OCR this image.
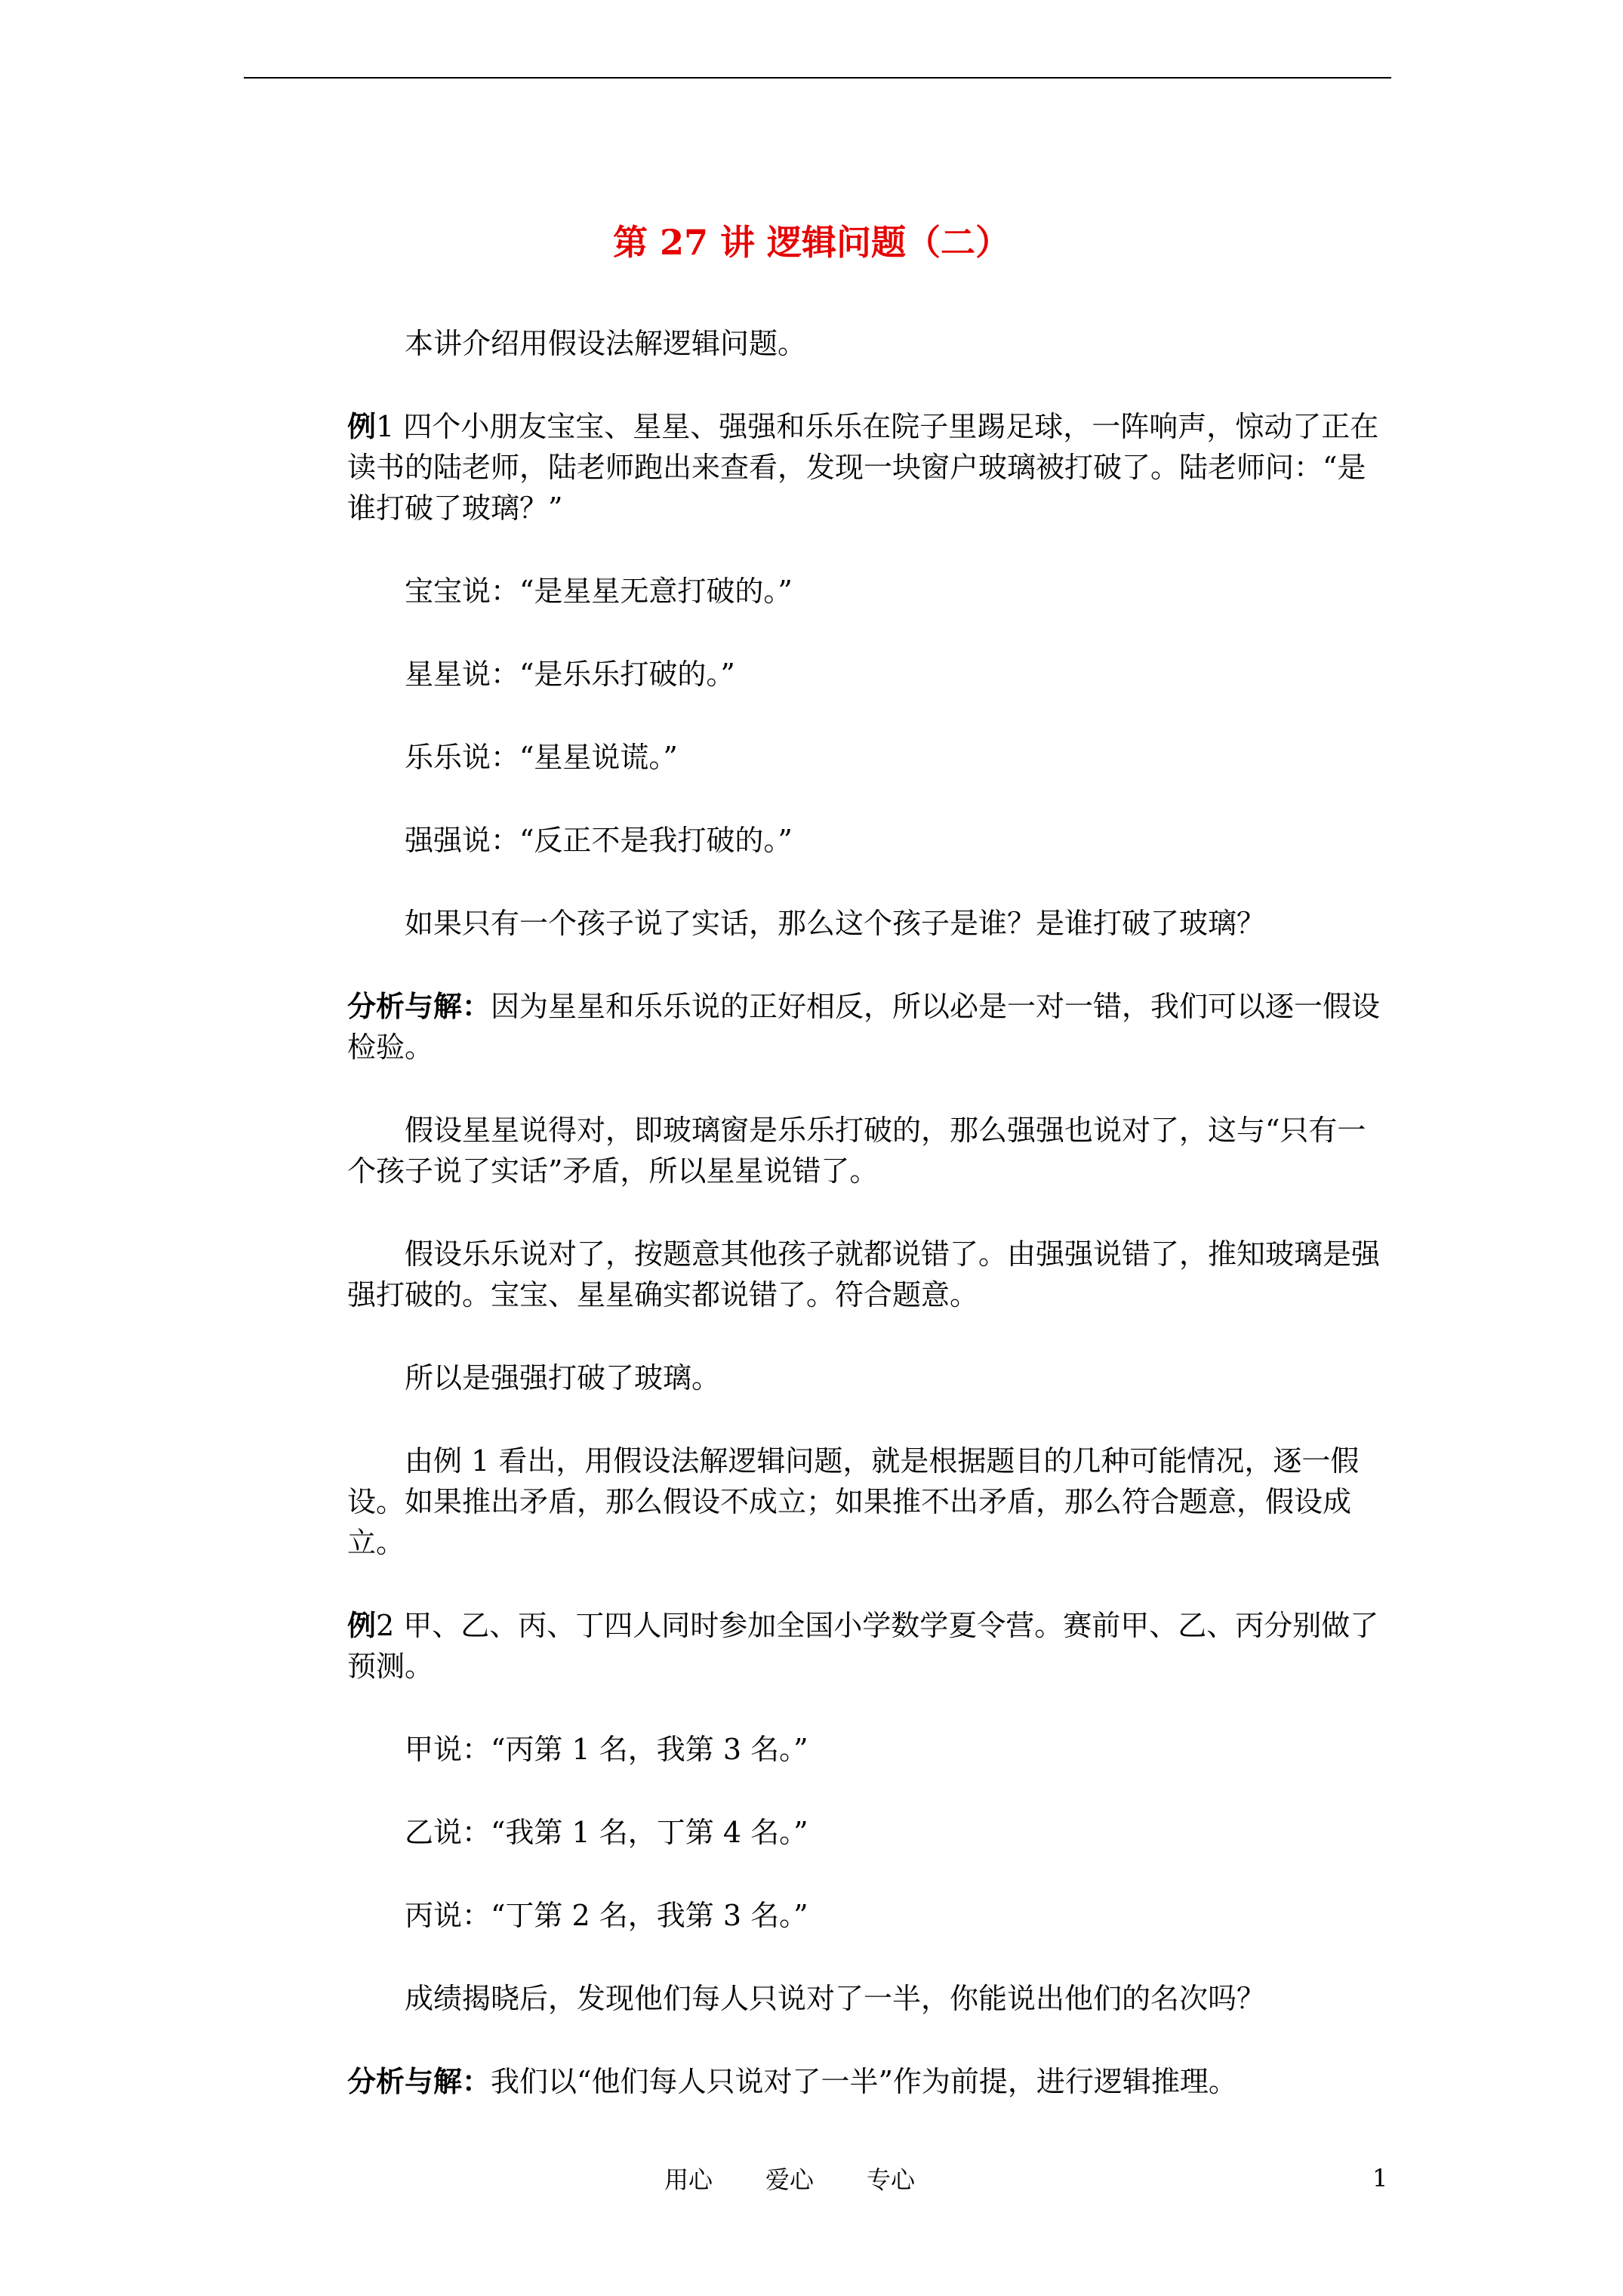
第 27 讲 逻辑问题（二）

本讲介绍用假设法解逻辑问题。

例1 四个小朋友宝宝、星星、强强和乐乐在院子里踢足球，一阵响声，惊动了正在读书的陆老师，陆老师跑出来查看，发现一块窗户玻璃被打破了。陆老师问：“是谁打破了玻璃？”

宝宝说：“是星星无意打破的。”

星星说：“是乐乐打破的。”

乐乐说：“星星说谎。”

强强说：“反正不是我打破的。”

如果只有一个孩子说了实话，那么这个孩子是谁？是谁打破了玻璃？

分析与解：因为星星和乐乐说的正好相反，所以必是一对一错，我们可以逐一假设检验。

假设星星说得对，即玻璃窗是乐乐打破的，那么强强也说对了，这与“只有一个孩子说了实话”矛盾，所以星星说错了。

假设乐乐说对了，按题意其他孩子就都说错了。由强强说错了，推知玻璃是强强打破的。宝宝、星星确实都说错了。符合题意。

所以是强强打破了玻璃。

由例 1 看出，用假设法解逻辑问题，就是根据题目的几种可能情况，逐一假设。如果推出矛盾，那么假设不成立；如果推不出矛盾，那么符合题意，假设成立。

例2 甲、乙、丙、丁四人同时参加全国小学数学夏令营。赛前甲、乙、丙分别做了预测。

甲说：“丙第 1 名，我第 3 名。”

乙说：“我第 1 名，丁第 4 名。”

丙说：“丁第 2 名，我第 3 名。”

成绩揭晓后，发现他们每人只说对了一半，你能说出他们的名次吗？

分析与解：我们以“他们每人只说对了一半”作为前提，进行逻辑推理。

用心 爱心 专心	1
